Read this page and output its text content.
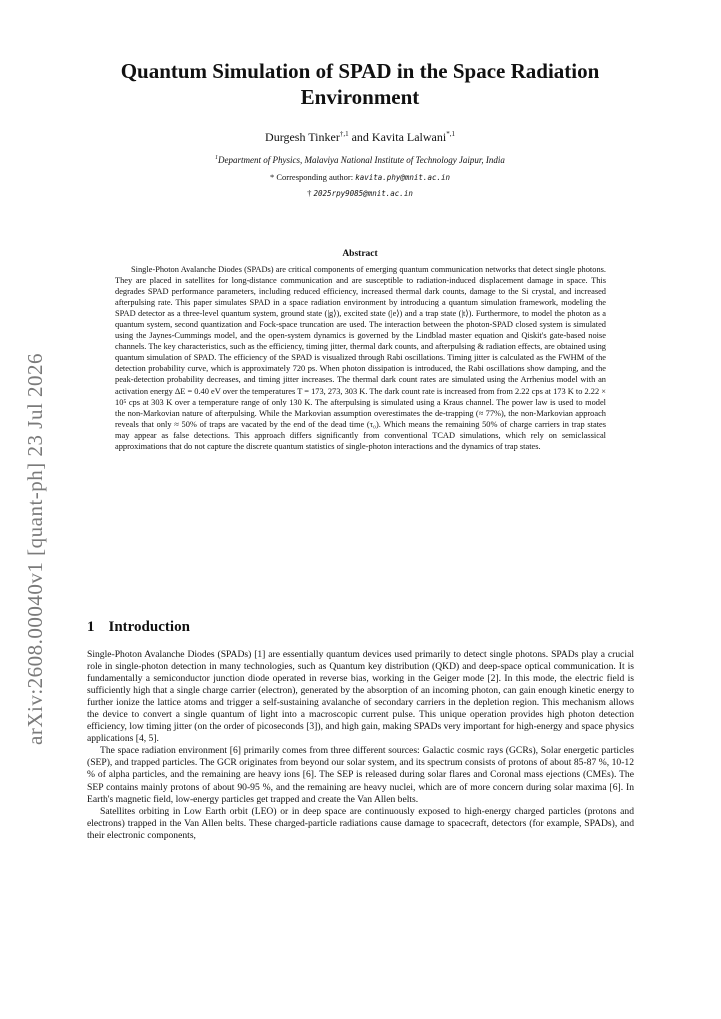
arXiv:2608.00040v1 [quant-ph] 23 Jul 2026
Quantum Simulation of SPAD in the Space Radiation Environment
Durgesh Tinker$^{\dagger,1}$ and Kavita Lalwani$^{*,1}$
$^1$Department of Physics, Malaviya National Institute of Technology Jaipur, India
* Corresponding author: kavita.phy@mnit.ac.in
† 2025rpy9085@mnit.ac.in
Abstract
Single-Photon Avalanche Diodes (SPADs) are critical components of emerging quantum communication networks that detect single photons. They are placed in satellites for long-distance communication and are susceptible to radiation-induced displacement damage in space. This degrades SPAD performance parameters, including reduced efficiency, increased thermal dark counts, damage to the Si crystal, and increased afterpulsing rate. This paper simulates SPAD in a space radiation environment by introducing a quantum simulation framework, modeling the SPAD detector as a three-level quantum system, ground state (|g⟩), excited state (|e⟩) and a trap state (|t⟩). Furthermore, to model the photon as a quantum system, second quantization and Fock-space truncation are used. The interaction between the photon-SPAD closed system is simulated using the Jaynes-Cummings model, and the open-system dynamics is governed by the Lindblad master equation and Qiskit's gate-based noise channels. The key characteristics, such as the efficiency, timing jitter, thermal dark counts, and afterpulsing & radiation effects, are obtained using quantum simulation of SPAD. The efficiency of the SPAD is visualized through Rabi oscillations. Timing jitter is calculated as the FWHM of the detection probability curve, which is approximately 720 ps. When photon dissipation is introduced, the Rabi oscillations show damping, and the peak-detection probability decreases, and timing jitter increases. The thermal dark count rates are simulated using the Arrhenius model with an activation energy ΔE = 0.40 eV over the temperatures T = 173, 273, 303 K. The dark count rate is increased from from 2.22 cps at 173 K to 2.22 × 10⁵ cps at 303 K over a temperature range of only 130 K. The afterpulsing is simulated using a Kraus channel. The power law is used to model the non-Markovian nature of afterpulsing. While the Markovian assumption overestimates the de-trapping (≈ 77%), the non-Markovian approach reveals that only ≈ 50% of traps are vacated by the end of the dead time (τ₀). Which means the remaining 50% of charge carriers in trap states may appear as false detections. This approach differs significantly from conventional TCAD simulations, which rely on semiclassical approximations that do not capture the discrete quantum statistics of single-photon interactions and the dynamics of trap states.
1 Introduction

Single-Photon Avalanche Diodes (SPADs) [1] are essentially quantum devices used primarily to detect single photons. SPADs play a crucial role in single-photon detection in many technologies, such as Quantum key distribution (QKD) and deep-space optical communication. It is fundamentally a semiconductor junction diode operated in reverse bias, working in the Geiger mode [2]. In this mode, the electric field is sufficiently high that a single charge carrier (electron), generated by the absorption of an incoming photon, can gain enough kinetic energy to further ionize the lattice atoms and trigger a self-sustaining avalanche of secondary carriers in the depletion region. This mechanism allows the device to convert a single quantum of light into a macroscopic current pulse. This unique operation provides high photon detection efficiency, low timing jitter (on the order of picoseconds [3]), and high gain, making SPADs very important for high-energy and space physics applications [4, 5].

The space radiation environment [6] primarily comes from three different sources: Galactic cosmic rays (GCRs), Solar energetic particles (SEP), and trapped particles. The GCR originates from beyond our solar system, and its spectrum consists of protons of about 85-87 %, 10-12 % of alpha particles, and the remaining are heavy ions [6]. The SEP is released during solar flares and Coronal mass ejections (CMEs). The SEP contains mainly protons of about 90-95 %, and the remaining are heavy nuclei, which are of more concern during solar maxima [6]. In Earth's magnetic field, low-energy particles get trapped and create the Van Allen belts.

Satellites orbiting in Low Earth orbit (LEO) or in deep space are continuously exposed to high-energy charged particles (protons and electrons) trapped in the Van Allen belts. These charged-particle radiations cause damage to spacecraft, detectors (for example, SPADs), and their electronic components,
